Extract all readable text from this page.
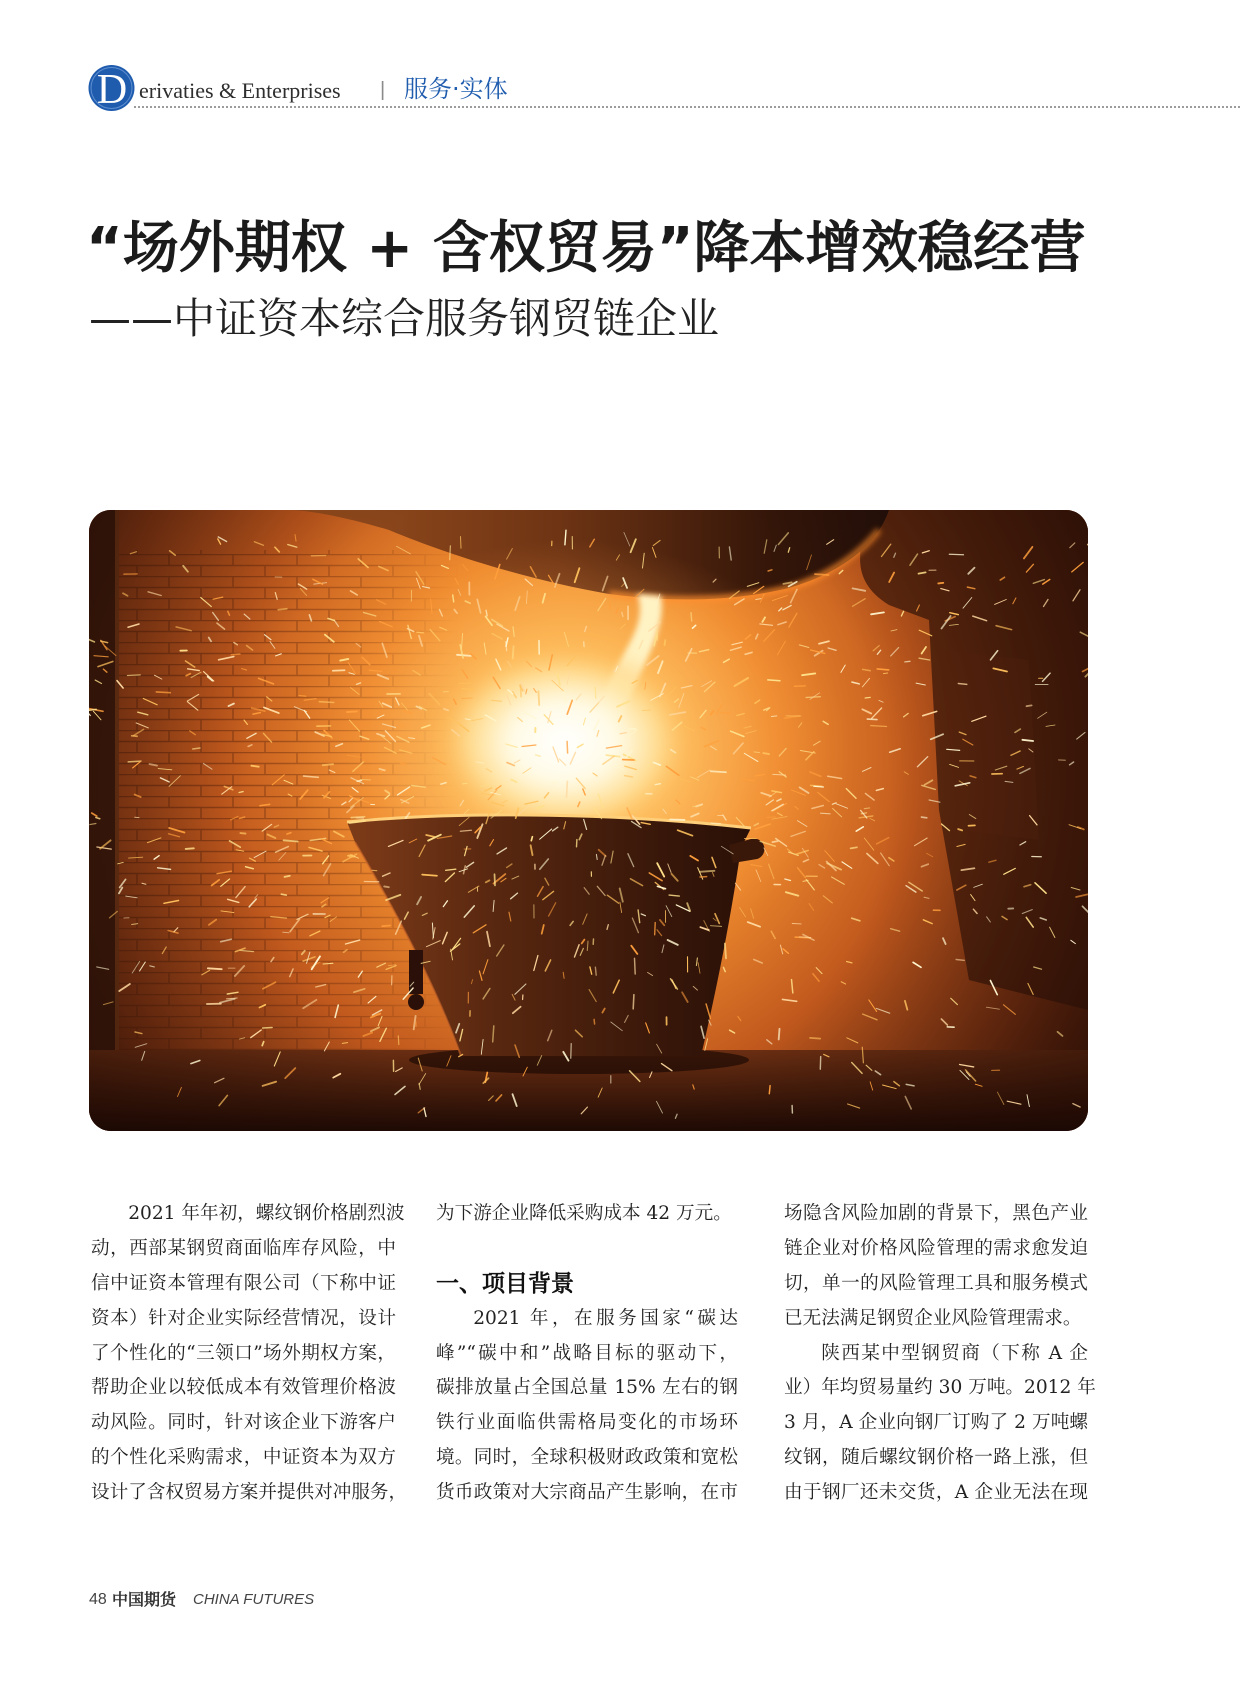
D erivaties & Enterprises | 服务·实体
“场外期权 + 含权贸易”降本增效稳经营
——中证资本综合服务钢贸链企业
2021 年年初，螺纹钢价格剧烈波
动，西部某钢贸商面临库存风险，中
信中证资本管理有限公司（下称中证
资本）针对企业实际经营情况，设计
了个性化的“三领口”场外期权方案，
帮助企业以较低成本有效管理价格波
动风险。同时，针对该企业下游客户
的个性化采购需求，中证资本为双方
设计了含权贸易方案并提供对冲服务，
为下游企业降低采购成本 42 万元。
一、项目背景
2021 年，在服务国家“碳达
峰”“碳中和”战略目标的驱动下，
碳排放量占全国总量 15% 左右的钢
铁行业面临供需格局变化的市场环
境。同时，全球积极财政政策和宽松
货币政策对大宗商品产生影响，在市
场隐含风险加剧的背景下，黑色产业
链企业对价格风险管理的需求愈发迫
切，单一的风险管理工具和服务模式
已无法满足钢贸企业风险管理需求。
陕西某中型钢贸商（下称 A 企
业）年均贸易量约 30 万吨。2012 年
3 月，A 企业向钢厂订购了 2 万吨螺
纹钢，随后螺纹钢价格一路上涨，但
由于钢厂还未交货，A 企业无法在现
48 中国期货 CHINA FUTURES
